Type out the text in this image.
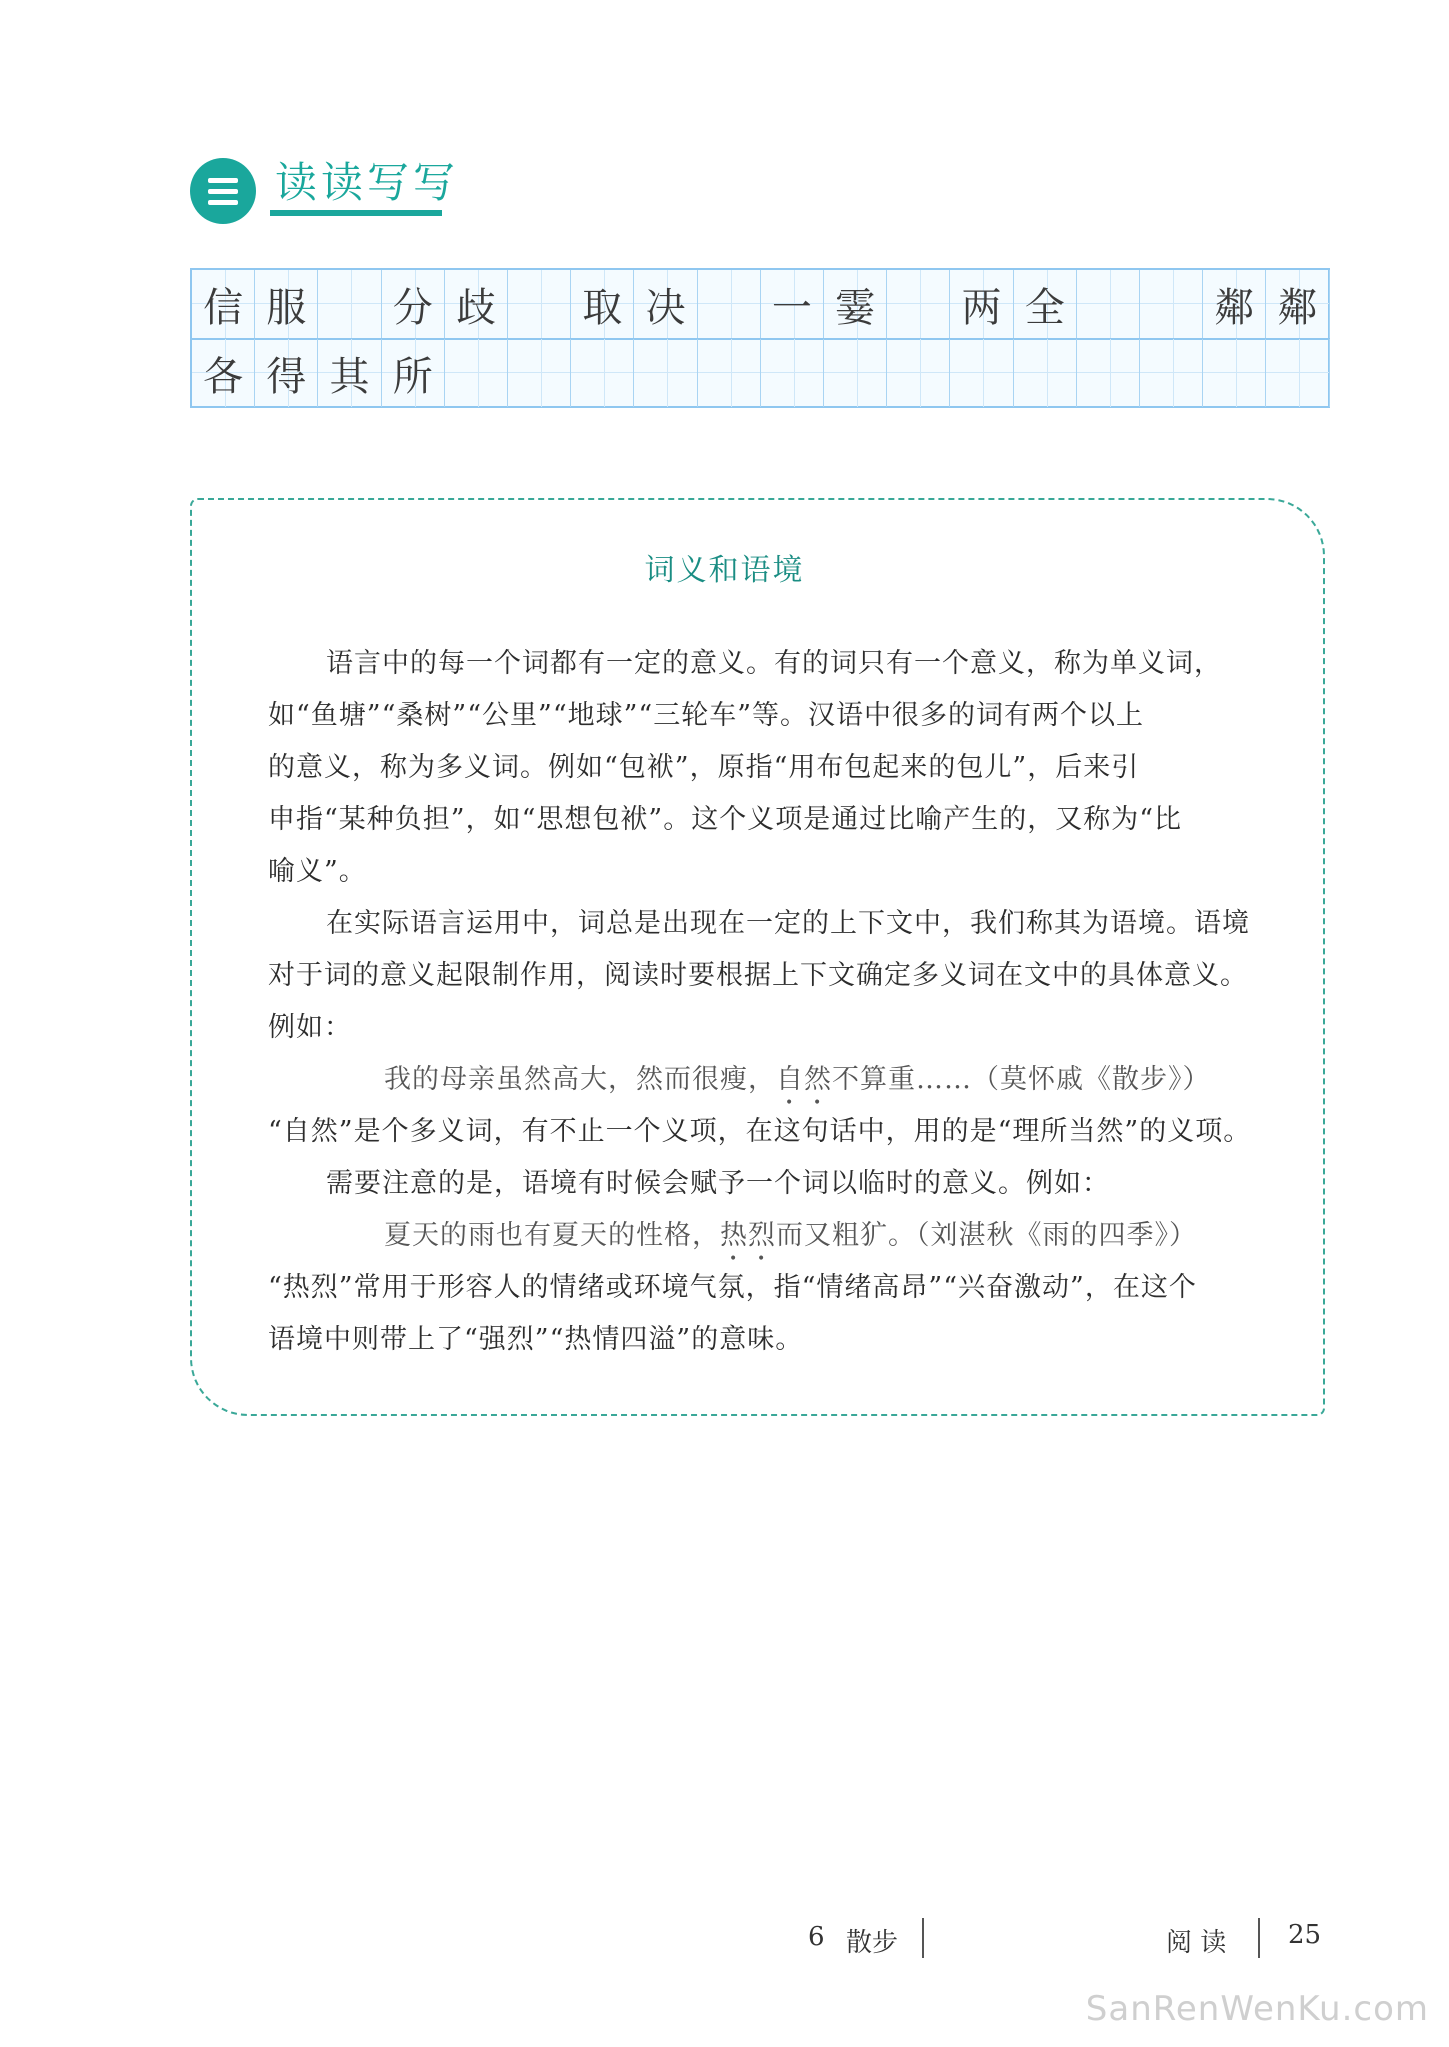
读读写写
信 服	分 歧	取 决	一 霎	两 全	鄰 鄰
各 得 其 所
词义和语境
语言中的每一个词都有一定的意义。有的词只有一个意义，称为单义词，
如“鱼塘”“桑树”“公里”“地球”“三轮车”等。汉语中很多的词有两个以上
的意义，称为多义词。例如“包袱”，原指“用布包起来的包儿”，后来引
申指“某种负担”，如“思想包袱”。这个义项是通过比喻产生的，又称为“比
喻义”。
在实际语言运用中，词总是出现在一定的上下文中，我们称其为语境。语境
对于词的意义起限制作用，阅读时要根据上下文确定多义词在文中的具体意义。
例如：
我的母亲虽然高大，然而很瘦，自然不算重……（莫怀戚《散步》）
“自然”是个多义词，有不止一个义项，在这句话中，用的是“理所当然”的义项。
需要注意的是，语境有时候会赋予一个词以临时的意义。例如：
夏天的雨也有夏天的性格，热烈而又粗犷。（刘湛秋《雨的四季》）
“热烈”常用于形容人的情绪或环境气氛，指“情绪高昂”“兴奋激动”，在这个
语境中则带上了“强烈”“热情四溢”的意味。
6 散步	阅 读 25
SanRenWenKu.com
